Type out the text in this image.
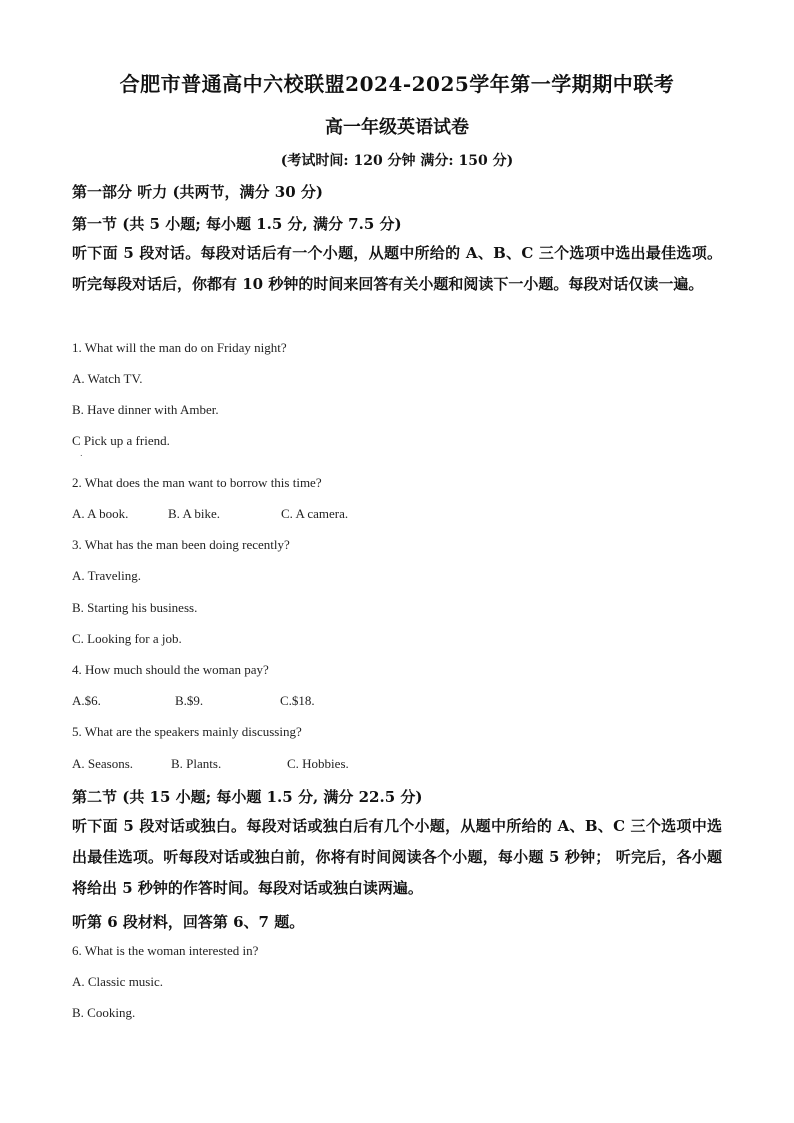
合肥市普通高中六校联盟2024-2025学年第一学期期中联考
高一年级英语试卷
(考试时间: 120 分钟 满分: 150 分)
第一部分 听力 (共两节，满分 30 分)
第一节 (共 5 小题; 每小题 1.5 分, 满分 7.5 分)
听下面 5 段对话。每段对话后有一个小题，从题中所给的 A、B、C 三个选项中选出最佳选项。听完每段对话后，你都有 10 秒钟的时间来回答有关小题和阅读下一小题。每段对话仅读一遍。
1. What will the man do on Friday night?
A. Watch TV.
B. Have dinner with Amber.
C Pick up a friend.
.
2. What does the man want to borrow this time?
A. A book.	B. A bike.	C. A camera.
3. What has the man been doing recently?
A. Traveling.
B. Starting his business.
C. Looking for a job.
4. How much should the woman pay?
A.$6.	B.$9.	C.$18.
5. What are the speakers mainly discussing?
A. Seasons.	B. Plants.	C. Hobbies.
第二节 (共 15 小题; 每小题 1.5 分, 满分 22.5 分)
听下面 5 段对话或独白。每段对话或独白后有几个小题，从题中所给的 A、B、C 三个选项中选出最佳选项。听每段对话或独白前，你将有时间阅读各个小题，每小题 5 秒钟； 听完后，各小题将给出 5 秒钟的作答时间。每段对话或独白读两遍。
听第 6 段材料，回答第 6、7 题。
6. What is the woman interested in?
A. Classic music.
B. Cooking.
